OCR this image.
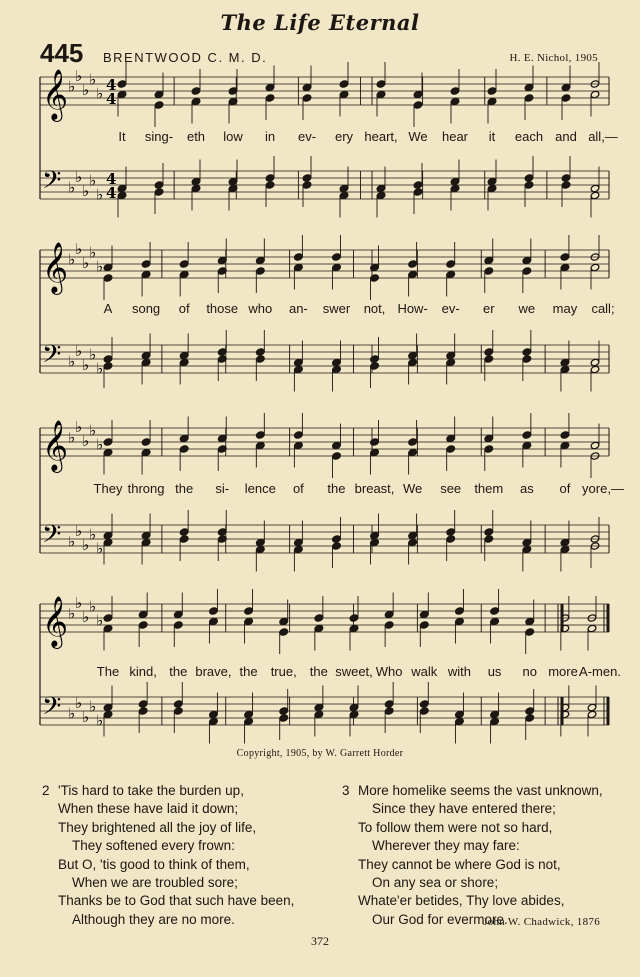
The Life Eternal
445 BRENTWOOD C. M. D.	H. E. Nichol, 1905
𝄞 ♭
♭
♭
♭
♭ 4
4
𝄢 ♭
♭
♭
♭
♭
4
4
𝄞 ♭
♭
♭
♭
♭
𝄢 ♭
♭
♭
♭
♭
𝄞 ♭
♭
♭
♭
♭
𝄢 ♭
♭
♭
♭
♭
𝄞 ♭
♭
♭
♭
♭
𝄢 ♭
♭
♭
♭
♭
It sing- eth low in ev- ery heart, We hear it each and all,—
A song of those who an- swer not, How- ev- er we may call;
They throng the si- lence of the breast, We see them as of yore,—
The kind, the brave, the true, the sweet, Who walk with us no more.
A-men.
Copyright, 1905, by W. Garrett Horder
2 'Tis hard to take the burden up,
When these have laid it down;
They brightened all the joy of life,
They softened every frown:
But O, 'tis good to think of them,
When we are troubled sore;
Thanks be to God that such have been,
Although they are no more.
3 More homelike seems the vast unknown,
Since they have entered there;
To follow them were not so hard,
Wherever they may fare:
They cannot be where God is not,
On any sea or shore;
Whate'er betides, Thy love abides,
Our God for evermore.
John W. Chadwick, 1876
372
